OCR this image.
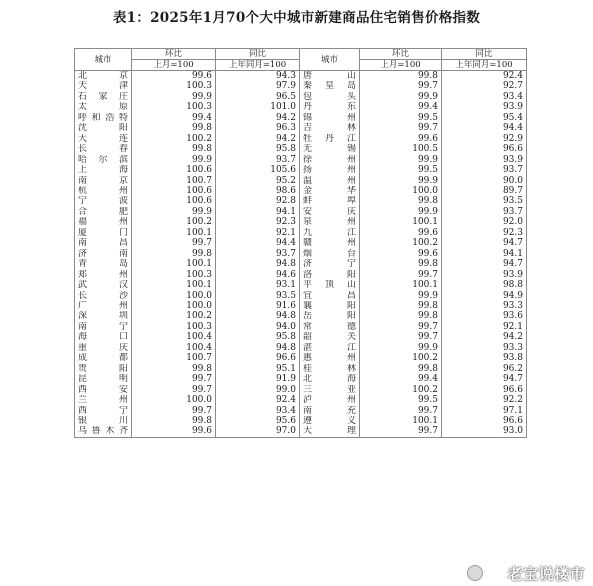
表1：2025年1月70个大中城市新建商品住宅销售价格指数
城市	环比	同比	城市	环比	同比
	上月=100	上年同月=100		上月=100	上年同月=100
北京	99.6	94.3	唐山	99.8	92.4
天津	100.3	97.9	秦皇岛	99.7	92.7
石家庄	99.9	96.5	包头	99.9	93.4
太原	100.3	101.0	丹东	99.4	93.9
呼和浩特	99.4	94.2	锦州	99.5	95.4
沈阳	99.8	96.3	吉林	99.7	94.4
大连	100.2	94.2	牡丹江	99.6	92.9
长春	99.8	95.8	无锡	100.5	96.6
哈尔滨	99.9	93.7	徐州	99.9	93.9
上海	100.6	105.6	扬州	99.5	93.7
南京	100.7	95.2	温州	99.9	90.0
杭州	100.6	98.6	金华	100.0	89.7
宁波	100.6	92.8	蚌埠	99.8	93.5
合肥	99.9	94.1	安庆	99.9	93.7
福州	100.2	92.3	泉州	100.1	92.0
厦门	100.1	92.1	九江	99.6	92.3
南昌	99.7	94.4	赣州	100.2	94.7
济南	99.8	93.7	烟台	99.6	94.1
青岛	100.1	94.8	济宁	99.8	94.7
郑州	100.3	94.6	洛阳	99.7	93.9
武汉	100.1	93.1	平顶山	100.1	98.8
长沙	100.0	93.5	宜昌	99.9	94.9
广州	100.0	91.6	襄阳	99.8	93.3
深圳	100.2	94.8	岳阳	99.8	93.6
南宁	100.3	94.0	常德	99.7	92.1
海口	100.4	95.8	韶关	99.7	94.2
重庆	100.4	94.8	湛江	99.9	93.3
成都	100.7	96.6	惠州	100.2	93.8
贵阳	99.8	95.1	桂林	99.8	96.2
昆明	99.7	91.9	北海	99.4	94.7
西安	99.7	99.0	三亚	100.2	96.6
兰州	100.0	92.4	泸州	99.5	92.2
西宁	99.7	93.4	南充	99.7	97.1
银川	99.8	95.6	遵义	100.1	96.6
乌鲁木齐	99.6	97.0	大理	99.7	93.0
老宝说楼市
